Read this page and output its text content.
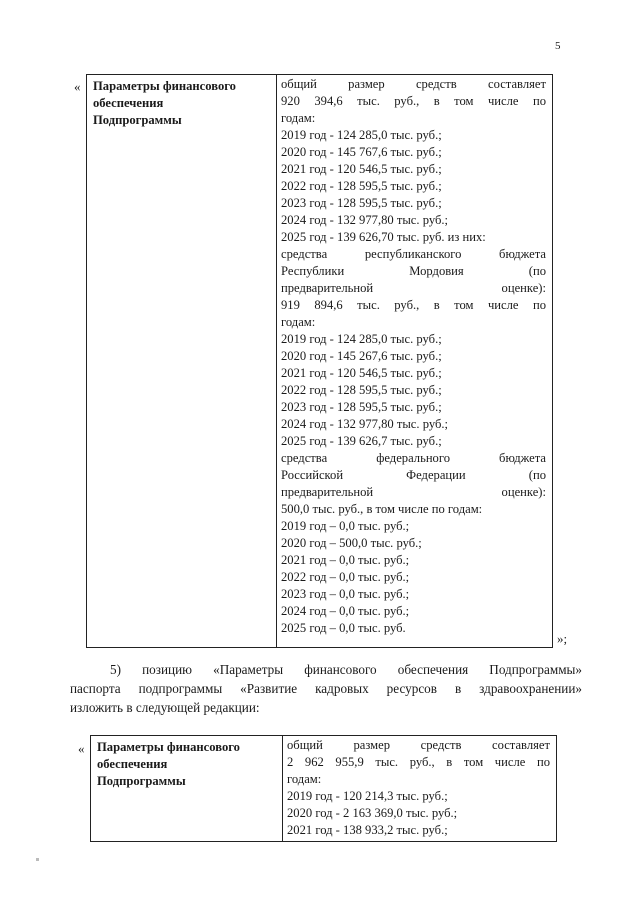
5
« Параметры финансового
обеспечения
Подпрограммы

общий размер средств составляет
920 394,6 тыс. руб., в том числе по
годам:
2019 год - 124 285,0 тыс. руб.;
2020 год - 145 767,6 тыс. руб.;
2021 год - 120 546,5 тыс. руб.;
2022 год - 128 595,5 тыс. руб.;
2023 год - 128 595,5 тыс. руб.;
2024 год - 132 977,80 тыс. руб.;
2025 год - 139 626,70 тыс. руб. из них:
средства республиканского бюджета
Республики Мордовия (по
предварительной оценке):
919 894,6 тыс. руб., в том числе по
годам:
2019 год - 124 285,0 тыс. руб.;
2020 год - 145 267,6 тыс. руб.;
2021 год - 120 546,5 тыс. руб.;
2022 год - 128 595,5 тыс. руб.;
2023 год - 128 595,5 тыс. руб.;
2024 год - 132 977,80 тыс. руб.;
2025 год - 139 626,7 тыс. руб.;
средства федерального бюджета
Российской Федерации (по
предварительной оценке):
500,0 тыс. руб., в том числе по годам:
2019 год – 0,0 тыс. руб.;
2020 год – 500,0 тыс. руб.;
2021 год – 0,0 тыс. руб.;
2022 год – 0,0 тыс. руб.;
2023 год – 0,0 тыс. руб.;
2024 год – 0,0 тыс. руб.;
2025 год – 0,0 тыс. руб.
»;
5) позицию «Параметры финансового обеспечения Подпрограммы»
паспорта подпрограммы «Развитие кадровых ресурсов в здравоохранении»
изложить в следующей редакции:
« Параметры финансового
обеспечения
Подпрограммы

общий размер средств составляет
2 962 955,9 тыс. руб., в том числе по
годам:
2019 год - 120 214,3 тыс. руб.;
2020 год - 2 163 369,0 тыс. руб.;
2021 год - 138 933,2 тыс. руб.;
